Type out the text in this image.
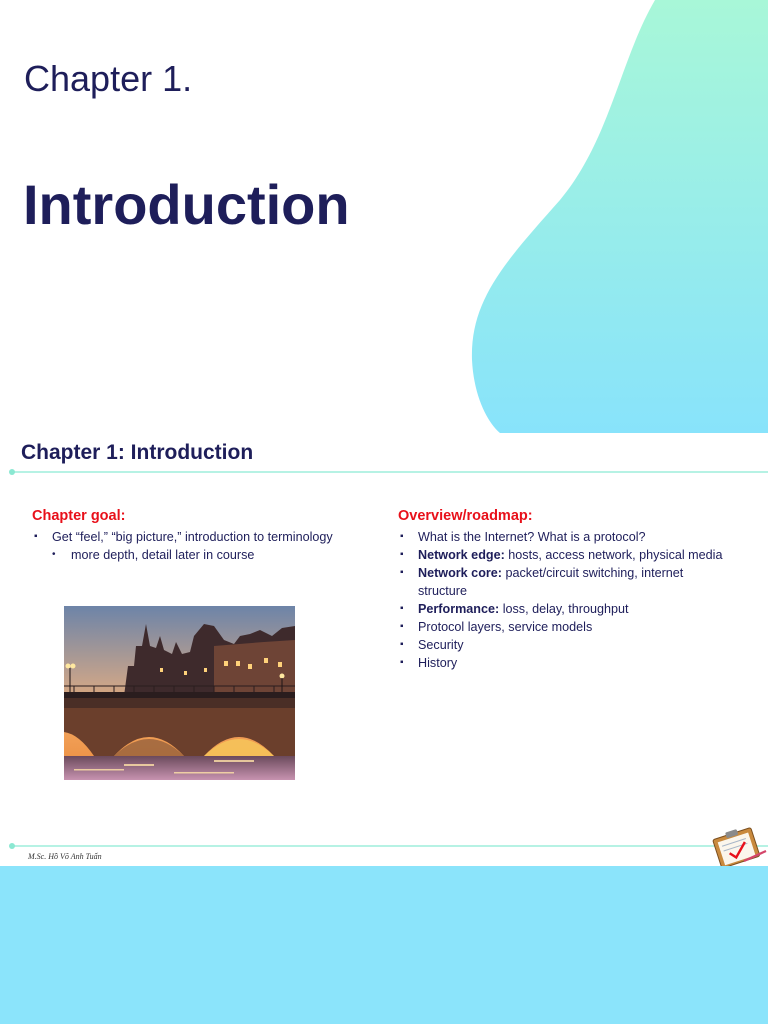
Chapter 1.
Introduction
Chapter 1: Introduction
Chapter goal:
▪ Get “feel,” “big picture,” introduction to terminology
• more depth, detail later in course
Overview/roadmap:
▪ What is the Internet? What is a protocol?
▪ Network edge: hosts, access network, physical media
▪ Network core: packet/circuit switching, internet
structure
▪ Performance: loss, delay, throughput
▪ Protocol layers, service models
▪ Security
▪ History
M.Sc. Hồ Võ Anh Tuấn
